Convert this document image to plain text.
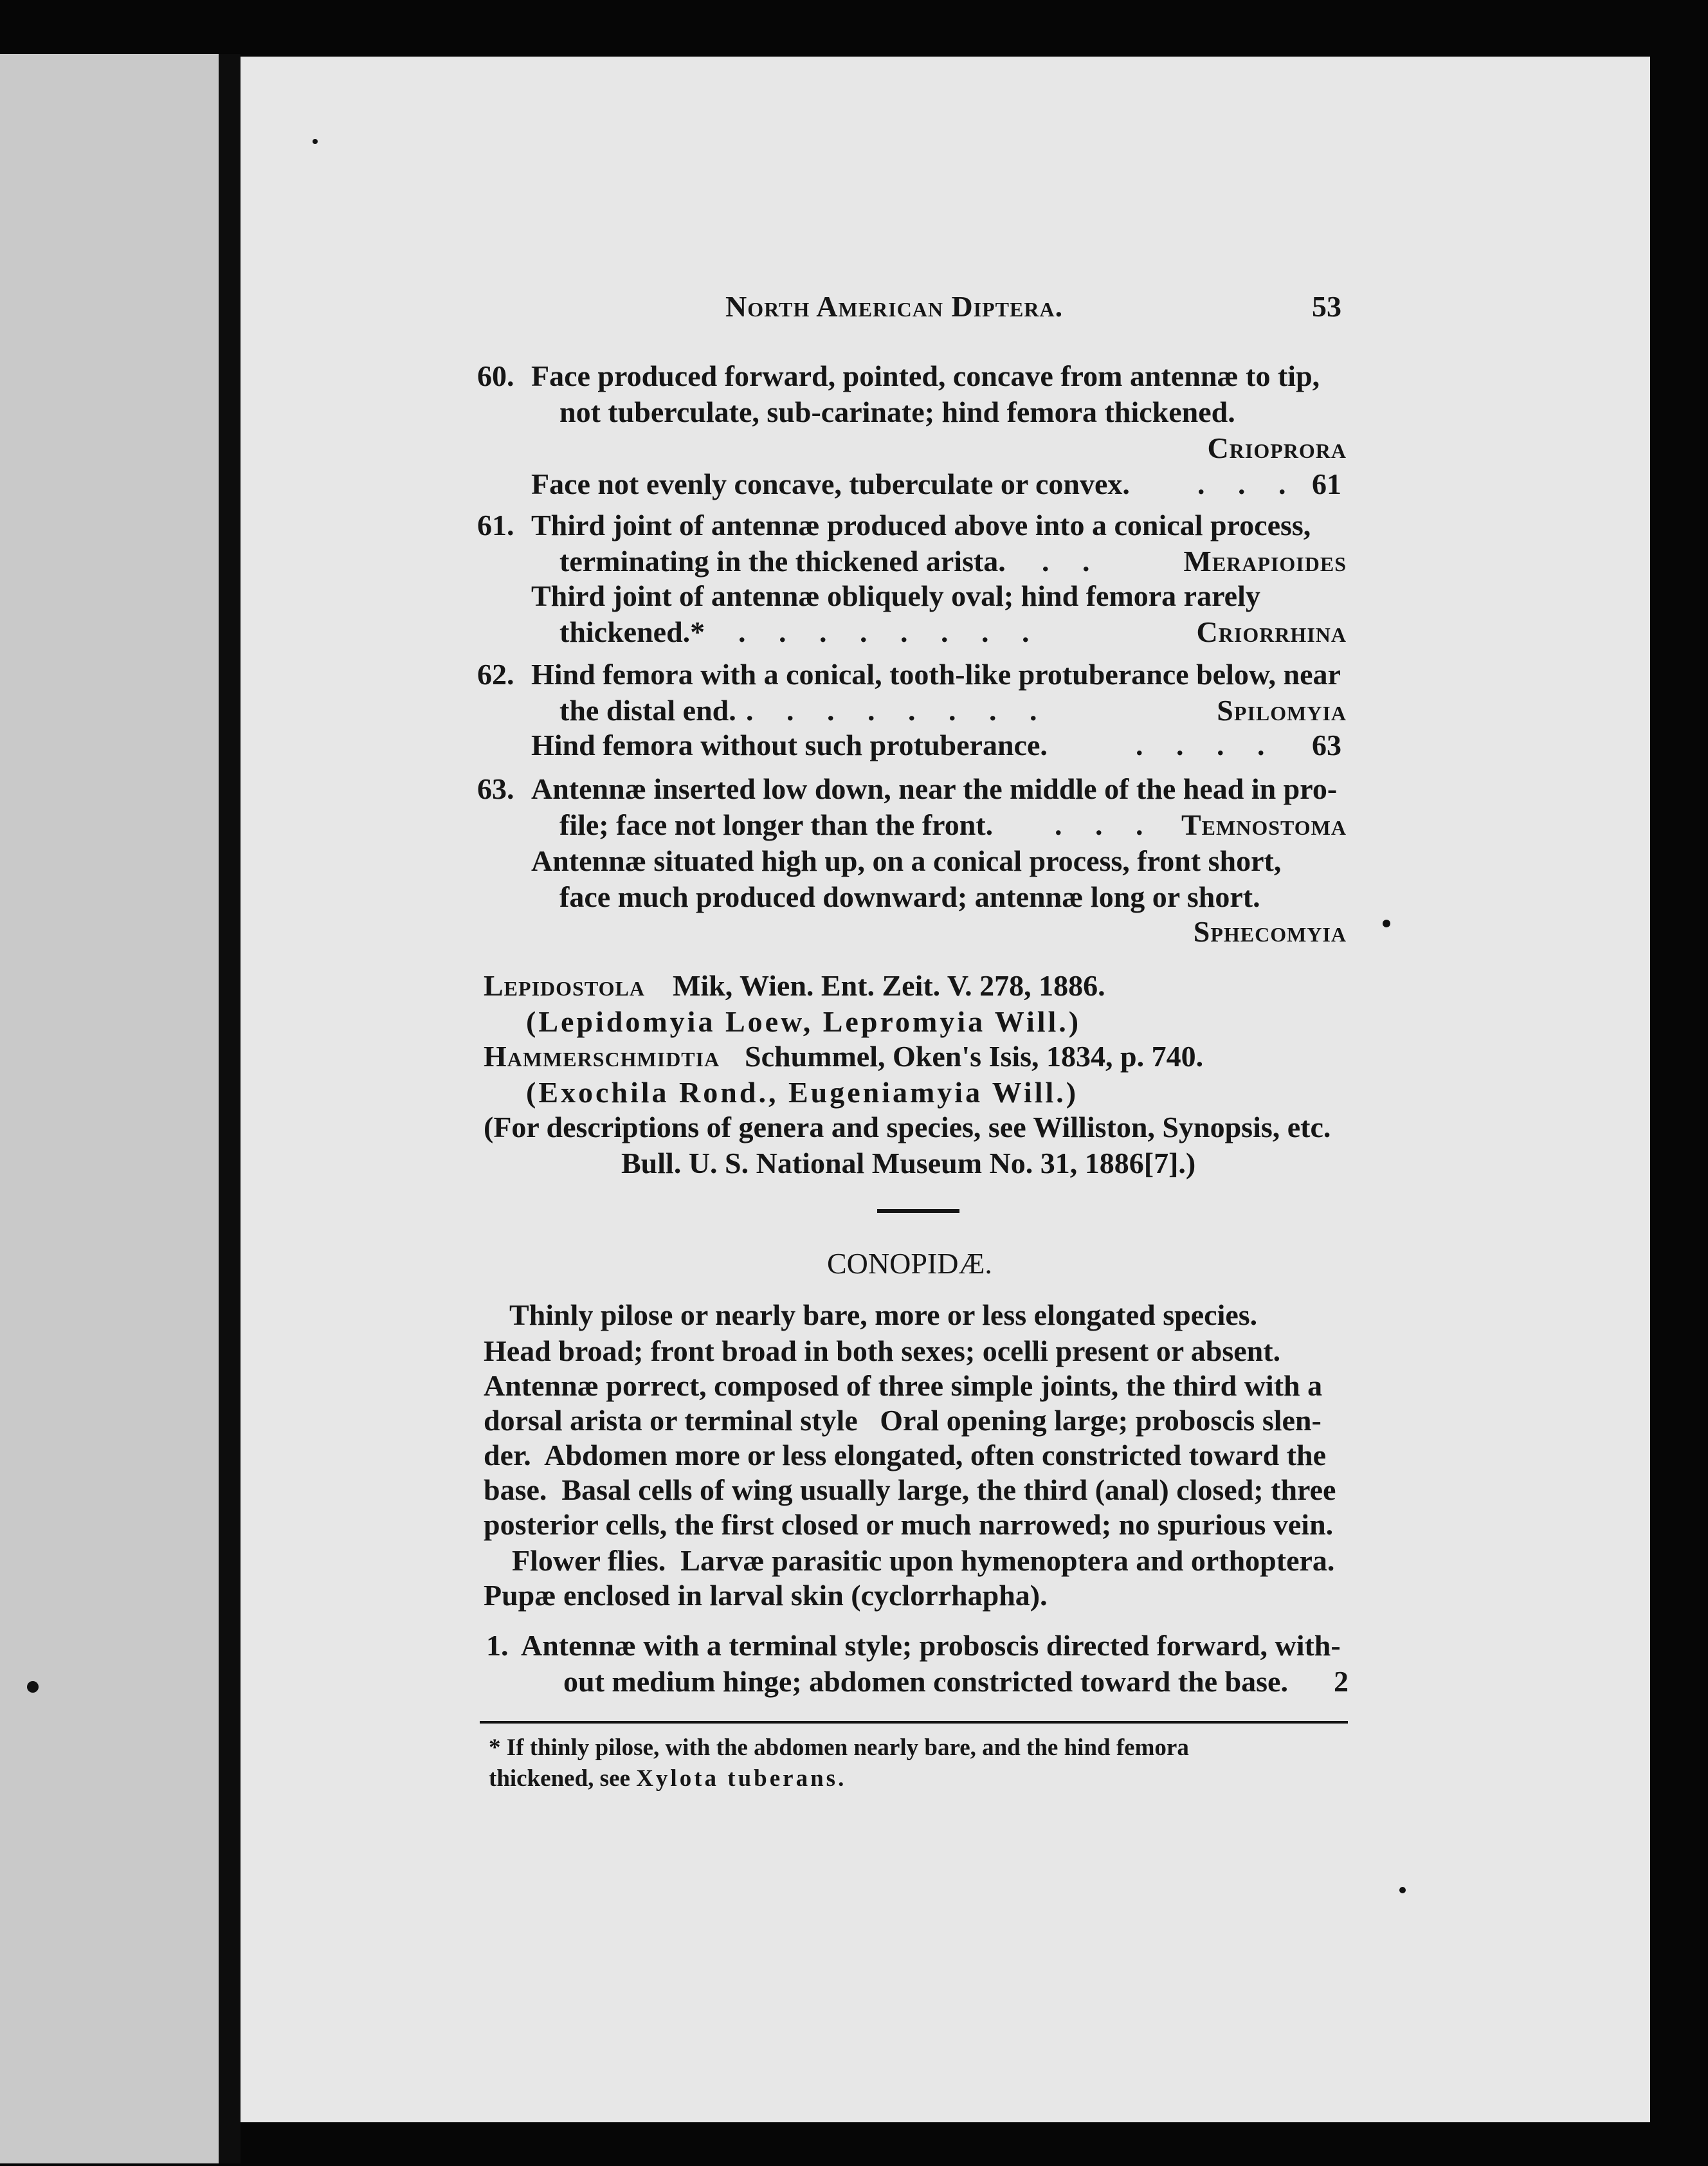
North American Diptera.	53
60. Face produced forward, pointed, concave from antennæ to tip,
not tuberculate, sub-carinate; hind femora thickened.
Crioprora
Face not evenly concave, tuberculate or convex. . . . 61
61. Third joint of antennæ produced above into a conical process,
terminating in the thickened arista. . .	Merapioides
Third joint of antennæ obliquely oval; hind femora rarely
thickened.* . . . . . . . .	Criorrhina
62. Hind femora with a conical, tooth-like protuberance below, near
the distal end. . . . . . . . .	Spilomyia
Hind femora without such protuberance.	. . . . 63
63. Antennæ inserted low down, near the middle of the head in pro-
file; face not longer than the front. . . .	Temnostoma
Antennæ situated high up, on a conical process, front short,
face much produced downward; antennæ long or short.
Sphecomyia
Lepidostola Mik, Wien. Ent. Zeit. V. 278, 1886.
(Lepidomyia Loew, Lepromyia Will.)
Hammerschmidtia Schummel, Oken's Isis, 1834, p. 740.
(Exochila Rond., Eugeniamyia Will.)
(For descriptions of genera and species, see Williston, Synopsis, etc.
Bull. U. S. National Museum No. 31, 1886[7].)
CONOPIDÆ.
Thinly pilose or nearly bare, more or less elongated species.
Head broad; front broad in both sexes; ocelli present or absent.
Antennæ porrect, composed of three simple joints, the third with a
dorsal arista or terminal style   Oral opening large; proboscis slen-
der.  Abdomen more or less elongated, often constricted toward the
base.  Basal cells of wing usually large, the third (anal) closed; three
posterior cells, the first closed or much narrowed; no spurious vein.
Flower flies.  Larvæ parasitic upon hymenoptera and orthoptera.
Pupæ enclosed in larval skin (cyclorrhapha).
1. Antennæ with a terminal style; proboscis directed forward, with-
out medium hinge; abdomen constricted toward the base. 2
* If thinly pilose, with the abdomen nearly bare, and the hind femora
thickened, see Xylota tuberans.
